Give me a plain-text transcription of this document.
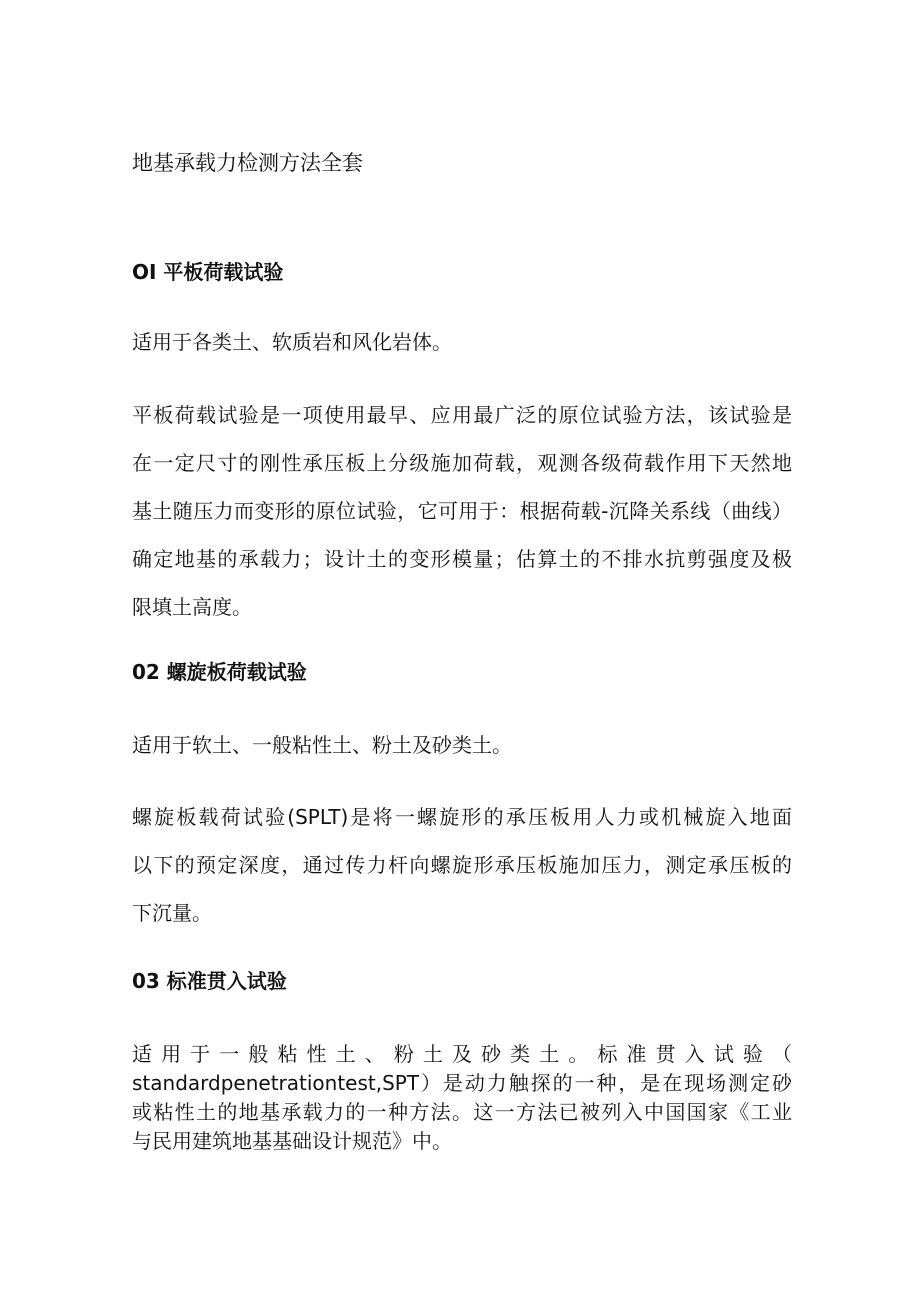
地基承载力检测方法全套
OI 平板荷载试验
适用于各类土、软质岩和风化岩体。
平板荷载试验是一项使用最早、应用最广泛的原位试验方法，该试验是
在一定尺寸的刚性承压板上分级施加荷载，观测各级荷载作用下天然地
基土随压力而变形的原位试验，它可用于：根据荷载-沉降关系线（曲线）
确定地基的承载力；设计土的变形模量；估算土的不排水抗剪强度及极
限填土高度。
02 螺旋板荷载试验
适用于软土、一般粘性土、粉土及砂类土。
螺旋板载荷试验(SPLT)是将一螺旋形的承压板用人力或机械旋入地面
以下的预定深度，通过传力杆向螺旋形承压板施加压力，测定承压板的
下沉量。
03 标准贯入试验
适用于一般粘性土、粉土及砂类土。标准贯入试验（
standardpenetrationtest,SPT）是动力触探的一种，是在现场测定砂
或粘性土的地基承载力的一种方法。这一方法已被列入中国国家《工业
与民用建筑地基基础设计规范》中。
